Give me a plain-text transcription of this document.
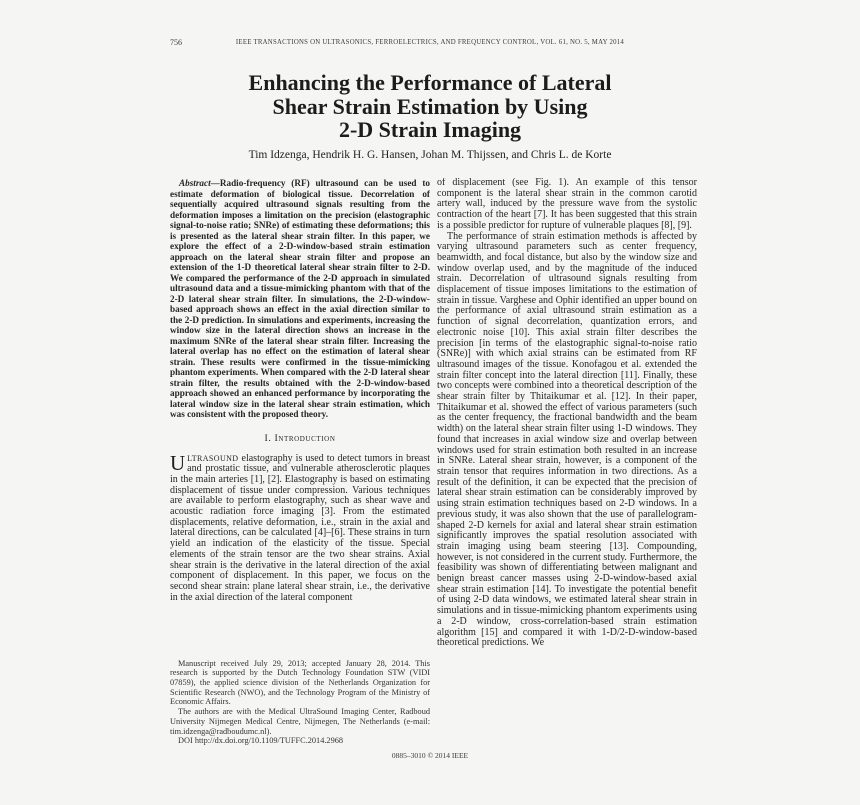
756	IEEE TRANSACTIONS ON ULTRASONICS, FERROELECTRICS, AND FREQUENCY CONTROL, VOL. 61, NO. 5, MAY 2014
Enhancing the Performance of Lateral
Shear Strain Estimation by Using
2-D Strain Imaging
Tim Idzenga, Hendrik H. G. Hansen, Johan M. Thijssen, and Chris L. de Korte

Abstract—Radio-frequency (RF) ultrasound can be used to estimate deformation of biological tissue. Decorrelation of sequentially acquired ultrasound signals resulting from the deformation imposes a limitation on the precision (elastographic signal-to-noise ratio; SNRe) of estimating these deformations; this is presented as the lateral shear strain filter. In this paper, we explore the effect of a 2-D-window-based strain estimation approach on the lateral shear strain filter and propose an extension of the 1-D theoretical lateral shear strain filter to 2-D. We compared the performance of the 2-D approach in simulated ultrasound data and a tissue-mimicking phantom with that of the 2-D lateral shear strain filter. In simulations, the 2-D-window-based approach shows an effect in the axial direction similar to the 2-D prediction. In simulations and experiments, increasing the window size in the lateral direction shows an increase in the maximum SNRe of the lateral shear strain filter. Increasing the lateral overlap has no effect on the estimation of lateral shear strain. These results were confirmed in the tissue-mimicking phantom experiments. When compared with the 2-D lateral shear strain filter, the results obtained with the 2-D-window-based approach showed an enhanced performance by incorporating the lateral window size in the lateral shear strain estimation, which was consistent with the proposed theory.

I. Introduction

ULTRASOUND elastography is used to detect tumors in breast and prostatic tissue, and vulnerable atherosclerotic plaques in the main arteries [1], [2]. Elastography is based on estimating displacement of tissue under compression. Various techniques are available to perform elastography, such as shear wave and acoustic radiation force imaging [3]. From the estimated displacements, relative deformation, i.e., strain in the axial and lateral directions, can be calculated [4]–[6]. These strains in turn yield an indication of the elasticity of the tissue. Special elements of the strain tensor are the two shear strains. Axial shear strain is the derivative in the lateral direction of the axial component of displacement. In this paper, we focus on the second shear strain: plane lateral shear strain, i.e., the derivative in the axial direction of the lateral component

Manuscript received July 29, 2013; accepted January 28, 2014. This research is supported by the Dutch Technology Foundation STW (VIDI 07859), the applied science division of the Netherlands Organization for Scientific Research (NWO), and the Technology Program of the Ministry of Economic Affairs.

The authors are with the Medical UltraSound Imaging Center, Radboud University Nijmegen Medical Centre, Nijmegen, The Netherlands (e-mail: tim.idzenga@radboudumc.nl).

DOI http://dx.doi.org/10.1109/TUFFC.2014.2968

of displacement (see Fig. 1). An example of this tensor component is the lateral shear strain in the common carotid artery wall, induced by the pressure wave from the systolic contraction of the heart [7]. It has been suggested that this strain is a possible predictor for rupture of vulnerable plaques [8], [9].

The performance of strain estimation methods is affected by varying ultrasound parameters such as center frequency, beamwidth, and focal distance, but also by the window size and window overlap used, and by the magnitude of the induced strain. Decorrelation of ultrasound signals resulting from displacement of tissue imposes limitations to the estimation of strain in tissue. Varghese and Ophir identified an upper bound on the performance of axial ultrasound strain estimation as a function of signal decorrelation, quantization errors, and electronic noise [10]. This axial strain filter describes the precision [in terms of the elastographic signal-to-noise ratio (SNRe)] with which axial strains can be estimated from RF ultrasound images of the tissue. Konofagou et al. extended the strain filter concept into the lateral direction [11]. Finally, these two concepts were combined into a theoretical description of the shear strain filter by Thitaikumar et al. [12]. In their paper, Thitaikumar et al. showed the effect of various parameters (such as the center frequency, the fractional bandwidth and the beam width) on the lateral shear strain filter using 1-D windows. They found that increases in axial window size and overlap between windows used for strain estimation both resulted in an increase in SNRe. Lateral shear strain, however, is a component of the strain tensor that requires information in two directions. As a result of the definition, it can be expected that the precision of lateral shear strain estimation can be considerably improved by using strain estimation techniques based on 2-D windows. In a previous study, it was also shown that the use of parallelogram-shaped 2-D kernels for axial and lateral shear strain estimation significantly improves the spatial resolution associated with strain imaging using beam steering [13]. Compounding, however, is not considered in the current study. Furthermore, the feasibility was shown of differentiating between malignant and benign breast cancer masses using 2-D-window-based axial shear strain estimation [14]. To investigate the potential benefit of using 2-D data windows, we estimated lateral shear strain in simulations and in tissue-mimicking phantom experiments using a 2-D window, cross-correlation-based strain estimation algorithm [15] and compared it with 1-D/2-D-window-based theoretical predictions. We

0885–3010 © 2014 IEEE
